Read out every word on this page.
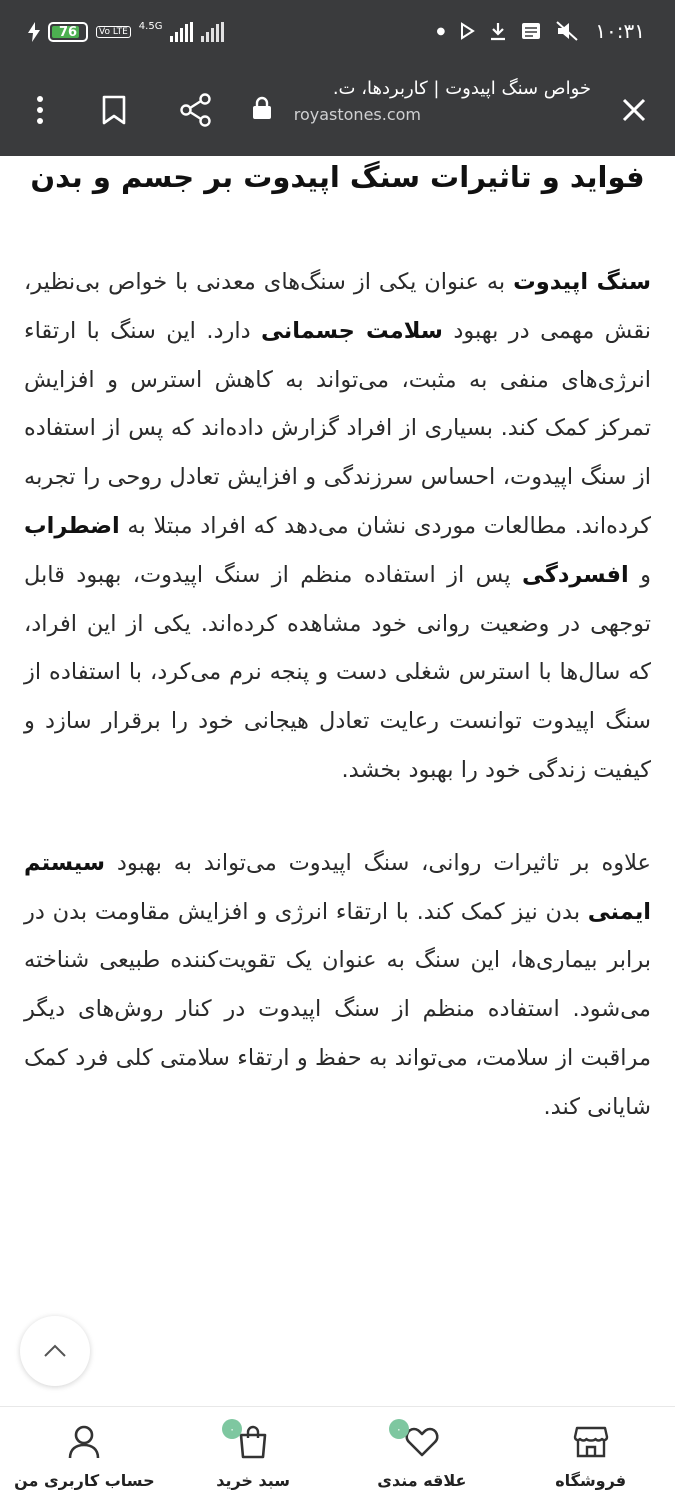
76	Vo LTE
4.5G	●	۱۰:۳۱
خواص سنگ اپیدوت | کاربردها، ت.
royastones.com
فواید و تاثیرات سنگ اپیدوت بر جسم و بدن

سنگ اپیدوت به عنوان یکی از سنگ‌های معدنی با خواص بی‌نظیر، نقش مهمی در بهبود سلامت جسمانی دارد. این سنگ با ارتقاء انرژی‌های منفی به مثبت، می‌تواند به کاهش استرس و افزایش تمرکز کمک کند. بسیاری از افراد گزارش داده‌اند که پس از استفاده از سنگ اپیدوت، احساس سرزندگی و افزایش تعادل روحی را تجربه کرده‌اند. مطالعات موردی نشان می‌دهد که افراد مبتلا به اضطراب و افسردگی پس از استفاده منظم از سنگ اپیدوت، بهبود قابل توجهی در وضعیت روانی خود مشاهده کرده‌اند. یکی از این افراد، که سال‌ها با استرس شغلی دست و پنجه نرم می‌کرد، با استفاده از سنگ اپیدوت توانست رعایت تعادل هیجانی خود را برقرار سازد و کیفیت زندگی خود را بهبود بخشد.

علاوه بر تاثیرات روانی، سنگ اپیدوت می‌تواند به بهبود سیستم ایمنی بدن نیز کمک کند. با ارتقاء انرژی و افزایش مقاومت بدن در برابر بیماری‌ها، این سنگ به عنوان یک تقویت‌کننده طبیعی شناخته می‌شود. استفاده منظم از سنگ اپیدوت در کنار روش‌های دیگر مراقبت از سلامت، می‌تواند به حفظ و ارتقاء سلامتی کلی فرد کمک شایانی کند.

فروشگاه
۰
علاقه مندی
۰
سبد خرید
حساب کاربری من
